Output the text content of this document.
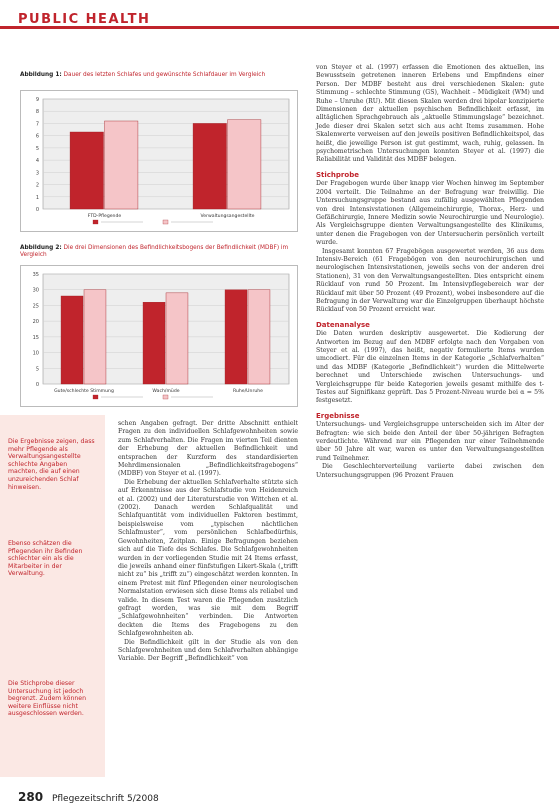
PUBLIC HEALTH
Abbildung 1: Dauer des letzten Schlafes und gewünschte Schlafdauer im Vergleich
0
1
2
3
4
5
6
7
8
9
FTD-Pflegende	Verwaltungsangestellte
Abbildung 2: Die drei Dimensionen des Befindlichkeitsbogens der Befindlichkeit (MDBF) im Vergleich
0
5
10
15
20
25
30
35
Gute/schlechte Stimmung	Wach/müde	Ruhe/Unruhe
Die Ergebnisse zeigen, dass mehr Pflegende als Verwaltungsangestellte schlechte Angaben machten, die auf einen unzureichenden Schlaf hinweisen.
Ebenso schätzen die Pflegenden ihr Befinden schlechter ein als die Mitarbeiter in der Verwaltung.
Die Stichprobe dieser Untersuchung ist jedoch begrenzt. Zudem können weitere Einflüsse nicht ausgeschlossen werden.

schen Angaben gefragt. Der dritte Abschnitt enthielt Fragen zu den individuellen Schlafgewohnheiten sowie zum Schlafverhalten. Die Fragen im vierten Teil dienten der Erhebung der aktuellen Befindlichkeit und entsprachen der Kurzform des standardisierten Mehrdimensionalen „Befindlichkeitsfragebogens“ (MDBF) von Steyer et al. (1997).

Die Erhebung der aktuellen Schlafverhalte stützte sich auf Erkenntnisse aus der Schlafstudie von Heidenreich et al. (2002) und der Literaturstudie von Wittchen et al. (2002). Danach werden Schlafqualität und Schlafquantität vom individuellen Faktoren bestimmt, beispielsweise vom „typischen nächtlichen Schlafmuster“, vom persönlichen Schlafbedürfnis, Gewohnheiten, Zeitplan. Einige Befragungen beziehen sich auf die Tiefe des Schlafes. Die Schlafgewohnheiten wurden in der vorliegenden Studie mit 24 Items erfasst, die jeweils anhand einer fünfstufigen Likert-Skala („trifft nicht zu“ bis „trifft zu“) eingeschätzt werden konnten. In einem Pretest mit fünf Pflegenden einer neurologischen Normalstation erwiesen sich diese Items als reliabel und valide. In diesem Test waren die Pflegenden zusätzlich gefragt worden, was sie mit dem Begriff „Schlafgewohnheiten“ verbinden. Die Antworten deckten die Items des Fragebogens zu den Schlafgewohnheiten ab.

Die Befindlichkeit gilt in der Studie als von den Schlafgewohnheiten und dem Schlafverhalten abhängige Variable. Der Begriff „Befindlichkeit“ von

von Steyer et al. (1997) erfassen die Emotionen des aktuellen, ins Bewusstsein getretenen inneren Erlebens und Empfindens einer Person. Der MDBF besteht aus drei verschiedenen Skalen: gute Stimmung – schlechte Stimmung (GS), Wachheit – Müdigkeit (WM) und Ruhe – Unruhe (RU). Mit diesen Skalen werden drei bipolar konzipierte Dimensionen der aktuellen psychischen Befindlichkeit erfasst, im alltäglichen Sprachgebrauch als „aktuelle Stimmungslage“ bezeichnet. Jede dieser drei Skalen setzt sich aus acht Items zusammen. Hohe Skalenwerte verweisen auf den jeweils positiven Befindlichkeitspol, das heißt, die jeweilige Person ist gut gestimmt, wach, ruhig, gelassen. In psychometrischen Untersuchungen konnten Steyer et al. (1997) die Reliabilität und Validität des MDBF belegen.

Stichprobe

Der Fragebogen wurde über knapp vier Wochen hinweg im September 2004 verteilt. Die Teilnahme an der Befragung war freiwillig. Die Untersuchungsgruppe bestand aus zufällig ausgewählten Pflegenden von drei Intensivstationen (Allgemeinchirurgie, Thorax-, Herz- und Gefäßchirurgie, Innere Medizin sowie Neurochirurgie und Neurologie). Als Vergleichsgruppe dienten Verwaltungsangestellte des Klinikums, unter denen die Fragebogen von der Untersucherin persönlich verteilt wurde.

Insgesamt konnten 67 Fragebögen ausgewertet werden, 36 aus dem Intensiv-Bereich (61 Fragebögen von den neurochirurgischen und neurologischen Intensivstationen, jeweils sechs von der anderen drei Stationen), 31 von den Verwaltungsangestellten. Dies entspricht einem Rücklauf von rund 50 Prozent. Im Intensivpflegebereich war der Rücklauf mit über 50 Prozent (49 Prozent), wobei insbesondere auf die Befragung in der Verwaltung war die Einzelgruppen überhaupt höchste Rücklauf von 50 Prozent erreicht war.

Datenanalyse

Die Daten wurden deskriptiv ausgewertet. Die Kodierung der Antworten im Bezug auf den MDBF erfolgte nach den Vorgaben von Steyer et al. (1997), das heißt, negativ formulierte Items wurden umcodiert. Für die einzelnen Items in der Kategorie „Schlafverhalten“ und das MDBF (Kategorie „Befindlichkeit“) wurden die Mittelwerte berechnet und Unterschiede zwischen Untersuchungs- und Vergleichsgruppe für beide Kategorien jeweils gesamt mithilfe des t-Testes auf Signifikanz geprüft. Das 5 Prozent-Niveau wurde bei α = 5% festgesetzt.

Ergebnisse

Untersuchungs- und Vergleichsgruppe unterscheiden sich im Alter der Befragten: wie sich beide den Anteil der über 50-jährigen Befragten verdeutlichte. Während nur ein Pflegenden nur einer Teilnehmende über 50 Jahre alt war, waren es unter den Verwaltungsangestellten rund Teilnehmer.

Die Geschlechterverteilung variierte dabei zwischen den Untersuchungsgruppen (96 Prozent Frauen

280 Pflegezeitschrift 5/2008
